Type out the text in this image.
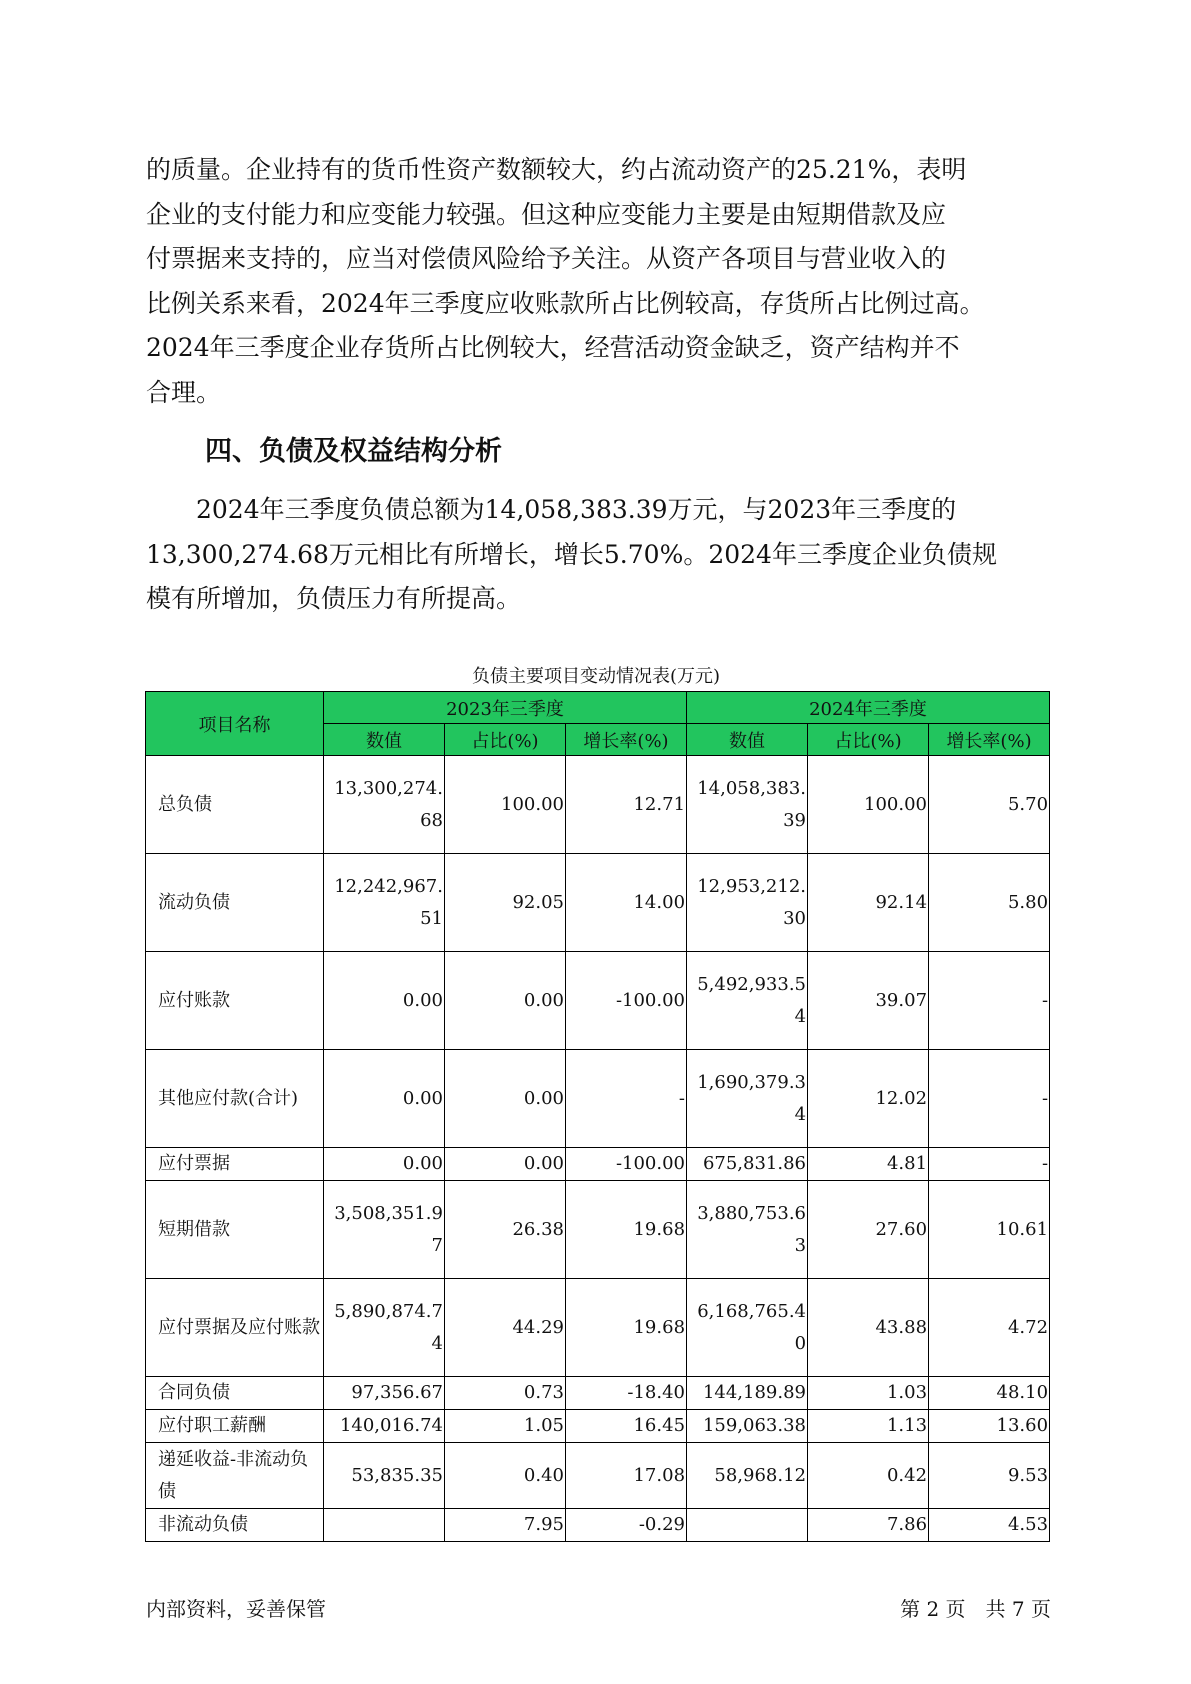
的质量。企业持有的货币性资产数额较大，约占流动资产的25.21%，表明
企业的支付能力和应变能力较强。但这种应变能力主要是由短期借款及应
付票据来支持的，应当对偿债风险给予关注。从资产各项目与营业收入的
比例关系来看，2024年三季度应收账款所占比例较高，存货所占比例过高。
2024年三季度企业存货所占比例较大，经营活动资金缺乏，资产结构并不
合理。

四、负债及权益结构分析

　　2024年三季度负债总额为14,058,383.39万元，与2023年三季度的
13,300,274.68万元相比有所增长，增长5.70%。2024年三季度企业负债规
模有所增加，负债压力有所提高。

负债主要项目变动情况表(万元)
项目名称	2023年三季度			2024年三季度		
	数值	占比(%)	增长率(%)	数值	占比(%)	增长率(%)
总负债	13,300,274.68	100.00	12.71	14,058,383.39	100.00	5.70
流动负债	12,242,967.51	92.05	14.00	12,953,212.30	92.14	5.80
应付账款	0.00	0.00	-100.00	5,492,933.54	39.07	-
其他应付款(合计)	0.00	0.00	-	1,690,379.34	12.02	-
应付票据	0.00	0.00	-100.00	675,831.86	4.81	-
短期借款	3,508,351.97	26.38	19.68	3,880,753.63	27.60	10.61
应付票据及应付账款	5,890,874.74	44.29	19.68	6,168,765.40	43.88	4.72
合同负债	97,356.67	0.73	-18.40	144,189.89	1.03	48.10
应付职工薪酬	140,016.74	1.05	16.45	159,063.38	1.13	13.60
递延收益-非流动负债	53,835.35	0.40	17.08	58,968.12	0.42	9.53
非流动负债		7.95	-0.29		7.86	4.53
内部资料，妥善保管	第 2 页　共 7 页
